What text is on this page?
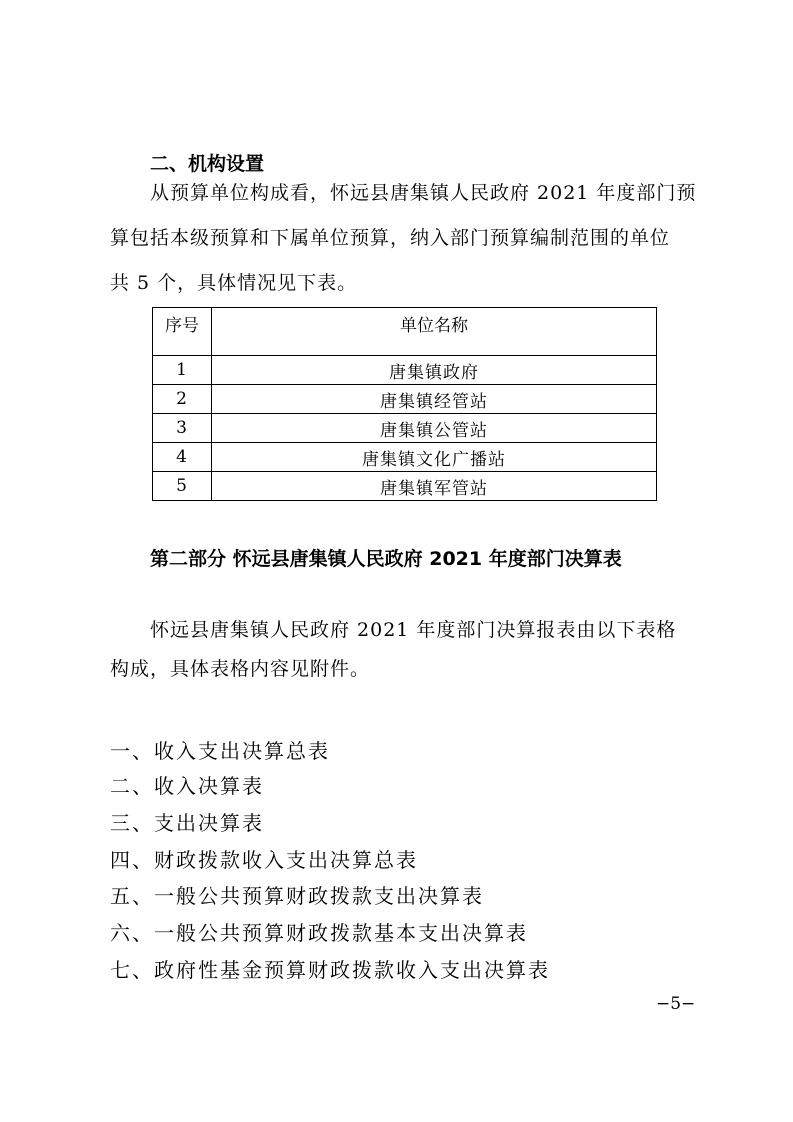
二、机构设置
从预算单位构成看，怀远县唐集镇人民政府 2021 年度部门预
算包括本级预算和下属单位预算，纳入部门预算编制范围的单位
共 5 个，具体情况见下表。
序号	单位名称
1	唐集镇政府
2	唐集镇经管站
3	唐集镇公管站
4	唐集镇文化广播站
5	唐集镇军管站
第二部分 怀远县唐集镇人民政府 2021 年度部门决算表
怀远县唐集镇人民政府 2021 年度部门决算报表由以下表格
构成，具体表格内容见附件。
一、收入支出决算总表
二、收入决算表
三、支出决算表
四、财政拨款收入支出决算总表
五、一般公共预算财政拨款支出决算表
六、一般公共预算财政拨款基本支出决算表
七、政府性基金预算财政拨款收入支出决算表
−5−
